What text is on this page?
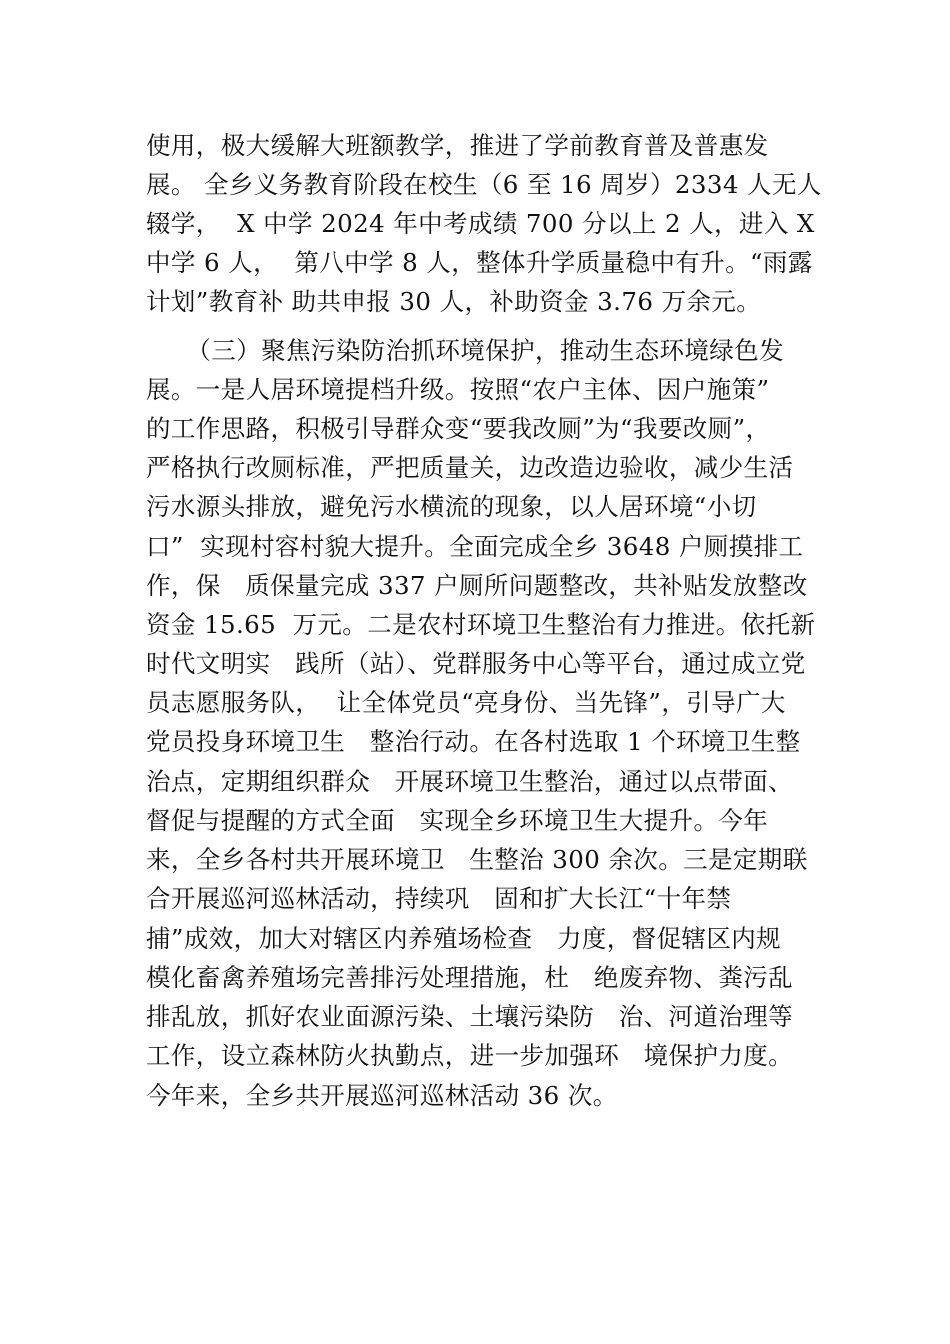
使用，极大缓解大班额教学，推进了学前教育普及普惠发
展。 全乡义务教育阶段在校生（6 至 16 周岁）2334 人无人
辍学，  X 中学 2024 年中考成绩 700 分以上 2 人，进入 X
中学 6 人，  第八中学 8 人，整体升学质量稳中有升。“雨露
计划”教育补 助共申报 30 人，补助资金 3.76 万余元。
（三）聚焦污染防治抓环境保护，推动生态环境绿色发
展。一是人居环境提档升级。按照“农户主体、因户施策”
的工作思路，积极引导群众变“要我改厕”为“我要改厕”，
严格执行改厕标准，严把质量关，边改造边验收，减少生活
污水源头排放，避免污水横流的现象，以人居环境“小切
口”  实现村容村貌大提升。全面完成全乡 3648 户厕摸排工
作，保   质保量完成 337 户厕所问题整改，共补贴发放整改
资金 15.65  万元。二是农村环境卫生整治有力推进。依托新
时代文明实   践所（站）、党群服务中心等平台，通过成立党
员志愿服务队，  让全体党员“亮身份、当先锋”，引导广大
党员投身环境卫生   整治行动。在各村选取 1 个环境卫生整
治点，定期组织群众   开展环境卫生整治，通过以点带面、
督促与提醒的方式全面   实现全乡环境卫生大提升。今年
来，全乡各村共开展环境卫   生整治 300 余次。三是定期联
合开展巡河巡林活动，持续巩   固和扩大长江“十年禁
捕”成效，加大对辖区内养殖场检查   力度，督促辖区内规
模化畜禽养殖场完善排污处理措施，杜   绝废弃物、粪污乱
排乱放，抓好农业面源污染、土壤污染防   治、河道治理等
工作，设立森林防火执勤点，进一步加强环   境保护力度。
今年来，全乡共开展巡河巡林活动 36 次。
